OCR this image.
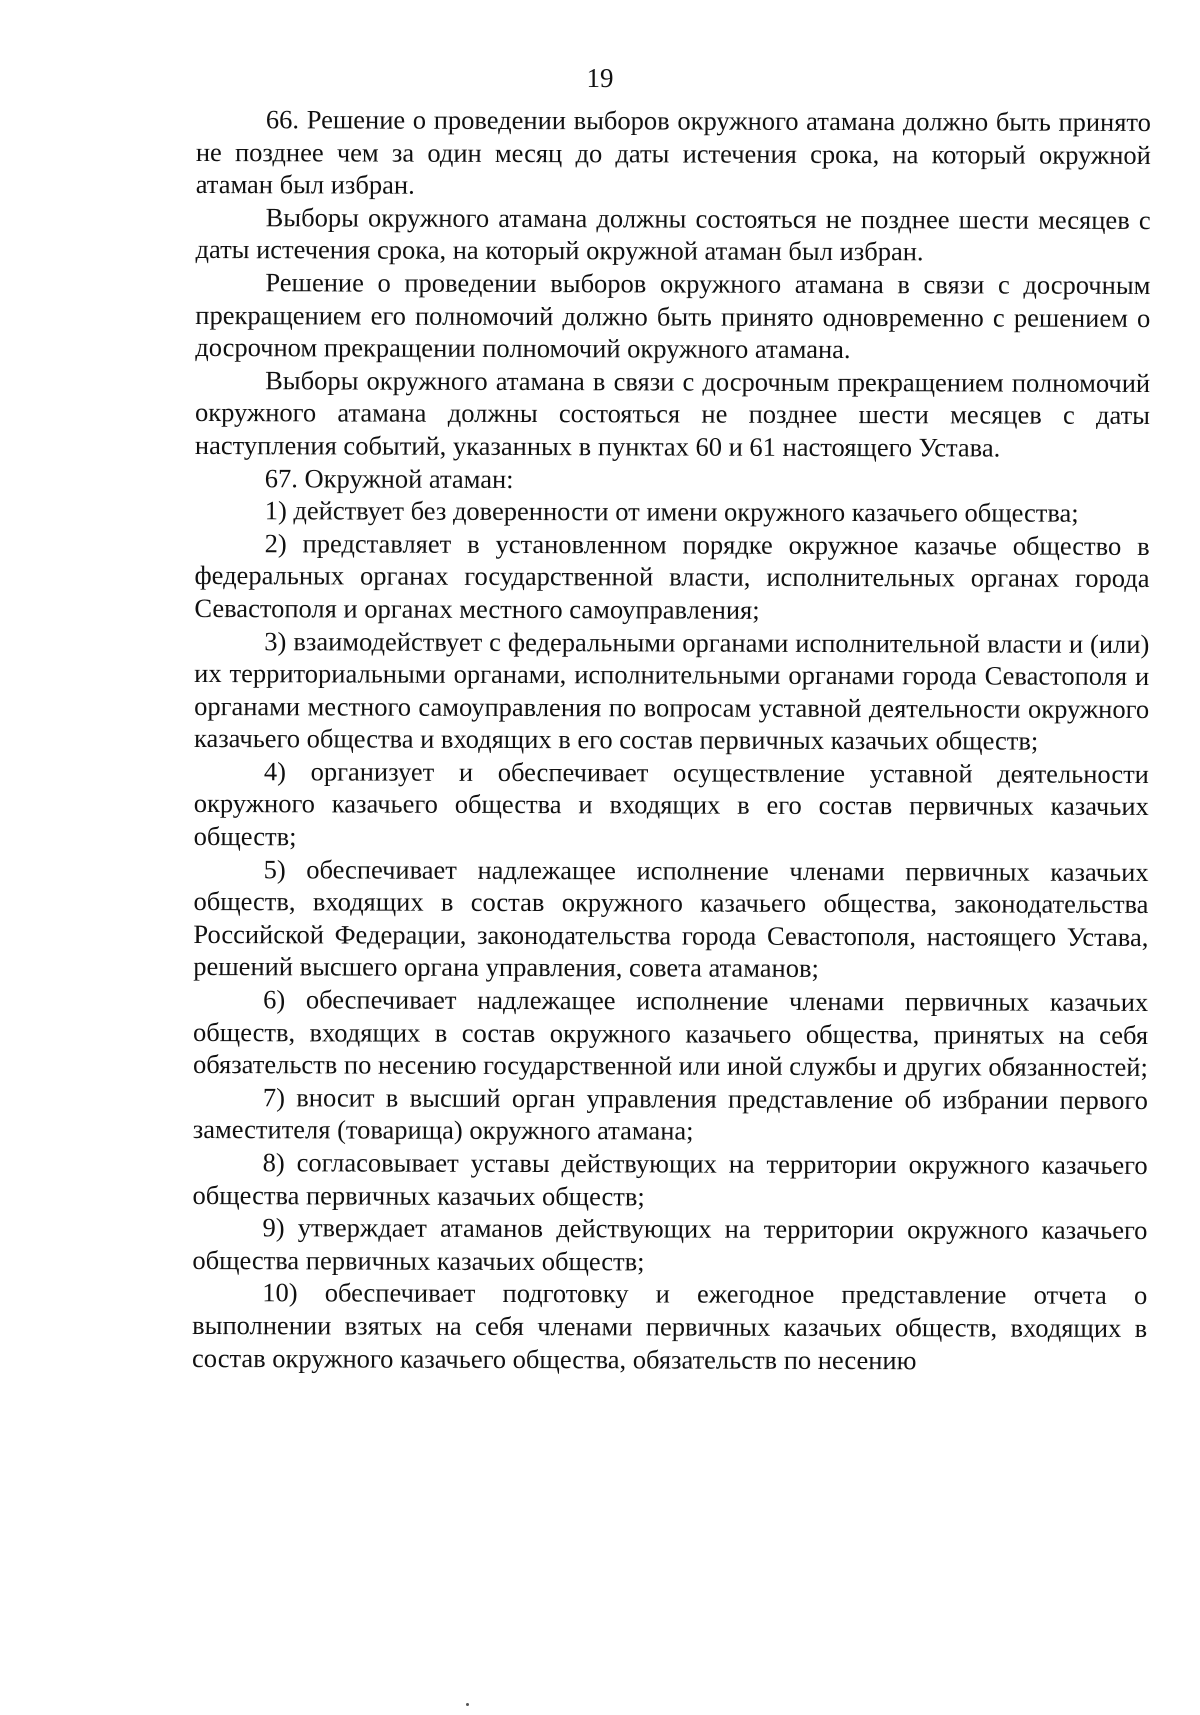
19

66. Решение о проведении выборов окружного атамана должно быть принято не позднее чем за один месяц до даты истечения срока, на который окружной атаман был избран.

Выборы окружного атамана должны состояться не позднее шести месяцев с даты истечения срока, на который окружной атаман был избран.

Решение о проведении выборов окружного атамана в связи с досрочным прекращением его полномочий должно быть принято одновременно с решением о досрочном прекращении полномочий окружного атамана.

Выборы окружного атамана в связи с досрочным прекращением полномочий окружного атамана должны состояться не позднее шести месяцев с даты наступления событий, указанных в пунктах 60 и 61 настоящего Устава.

67. Окружной атаман:

1) действует без доверенности от имени окружного казачьего общества;

2) представляет в установленном порядке окружное казачье общество в федеральных органах государственной власти, исполнительных органах города Севастополя и органах местного самоуправления;

3) взаимодействует с федеральными органами исполнительной власти и (или) их территориальными органами, исполнительными органами города Севастополя и органами местного самоуправления по вопросам уставной деятельности окружного казачьего общества и входящих в его состав первичных казачьих обществ;

4) организует и обеспечивает осуществление уставной деятельности окружного казачьего общества и входящих в его состав первичных казачьих обществ;

5) обеспечивает надлежащее исполнение членами первичных казачьих обществ, входящих в состав окружного казачьего общества, законодательства Российской Федерации, законодательства города Севастополя, настоящего Устава, решений высшего органа управления, совета атаманов;

6) обеспечивает надлежащее исполнение членами первичных казачьих обществ, входящих в состав окружного казачьего общества, принятых на себя обязательств по несению государственной или иной службы и других обязанностей;

7) вносит в высший орган управления представление об избрании первого заместителя (товарища) окружного атамана;

8) согласовывает уставы действующих на территории окружного казачьего общества первичных казачьих обществ;

9) утверждает атаманов действующих на территории окружного казачьего общества первичных казачьих обществ;

10) обеспечивает подготовку и ежегодное представление отчета о выполнении взятых на себя членами первичных казачьих обществ, входящих в состав окружного казачьего общества, обязательств по несению
